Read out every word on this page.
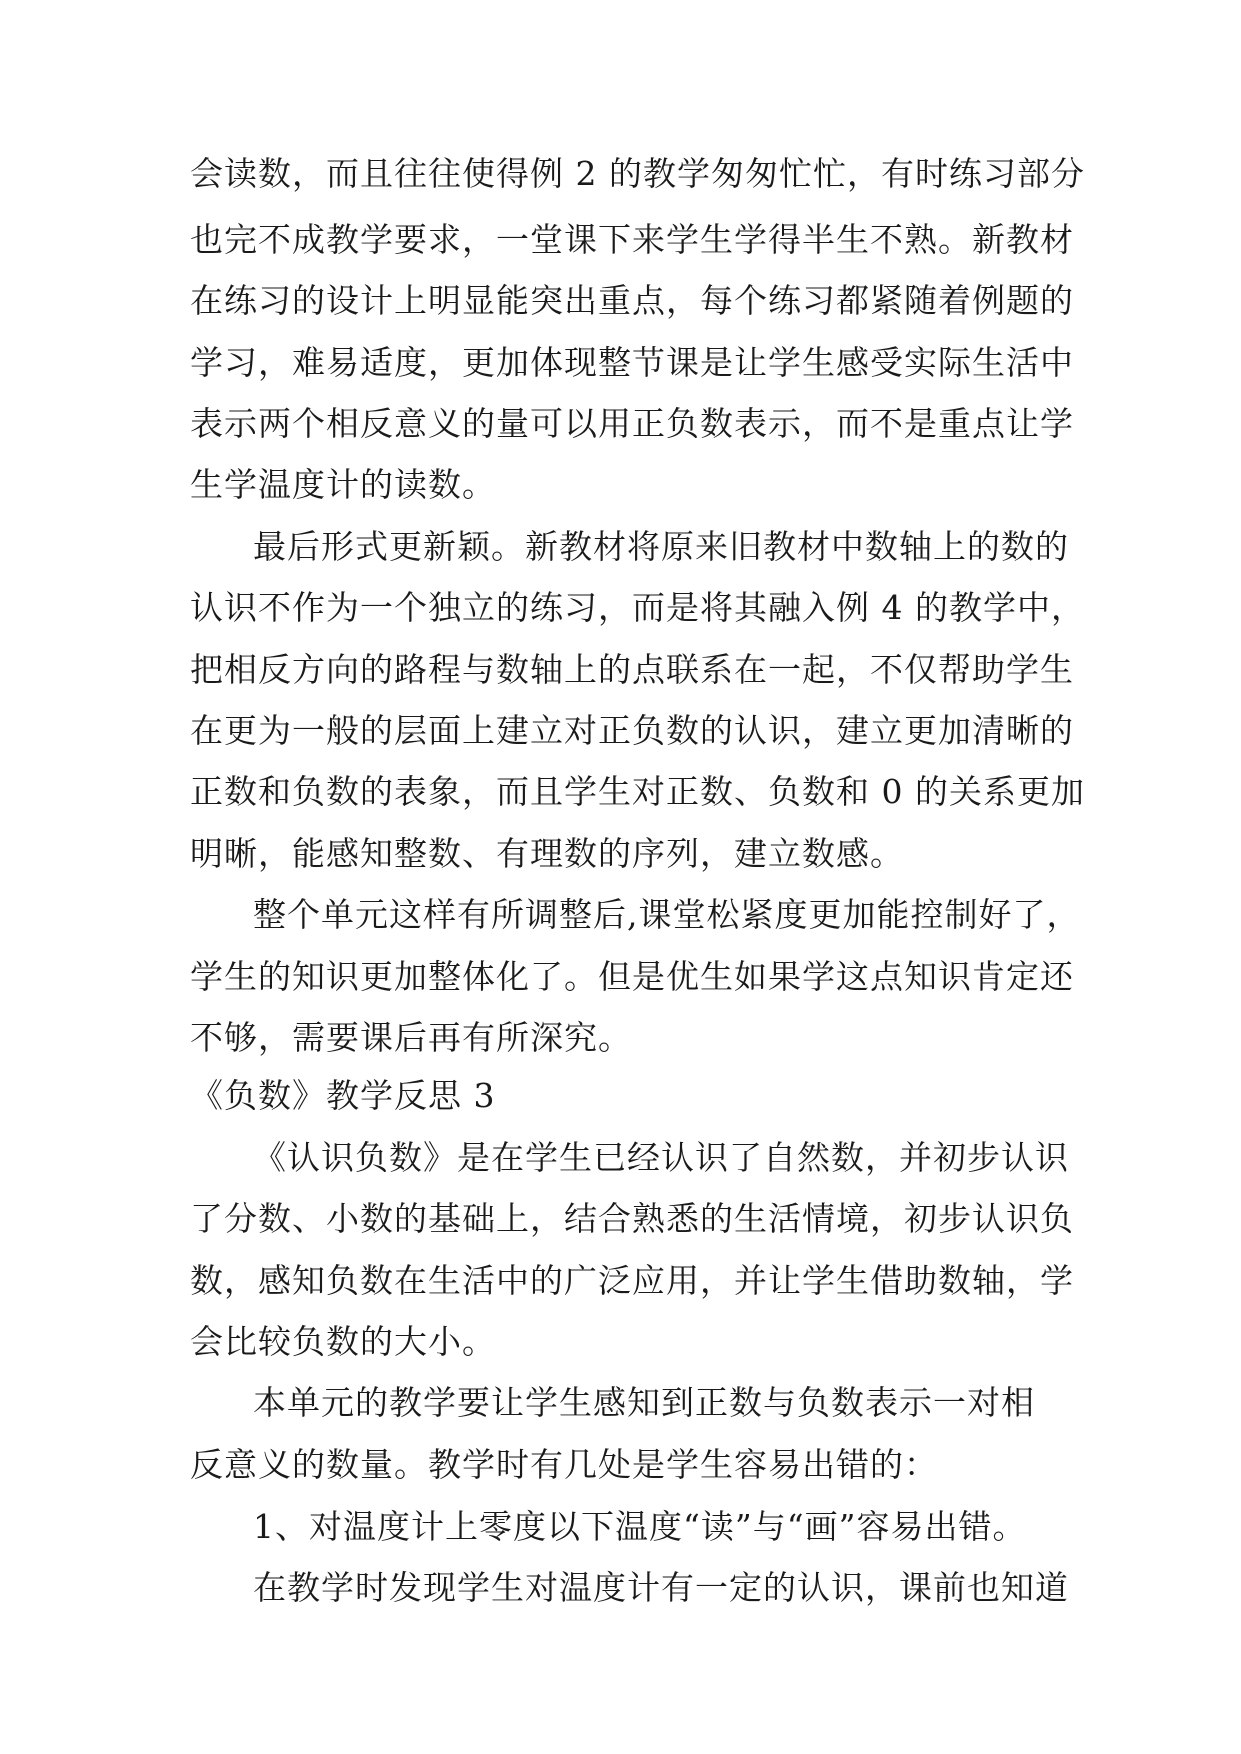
会读数，而且往往使得例 2 的教学匆匆忙忙，有时练习部分
也完不成教学要求，一堂课下来学生学得半生不熟。新教材
在练习的设计上明显能突出重点，每个练习都紧随着例题的
学习，难易适度，更加体现整节课是让学生感受实际生活中
表示两个相反意义的量可以用正负数表示，而不是重点让学
生学温度计的读数。
最后形式更新颖。新教材将原来旧教材中数轴上的数的
认识不作为一个独立的练习，而是将其融入例 4 的教学中，
把相反方向的路程与数轴上的点联系在一起，不仅帮助学生
在更为一般的层面上建立对正负数的认识，建立更加清晰的
正数和负数的表象，而且学生对正数、负数和 0 的关系更加
明晰，能感知整数、有理数的序列，建立数感。
整个单元这样有所调整后,课堂松紧度更加能控制好了，
学生的知识更加整体化了。但是优生如果学这点知识肯定还
不够，需要课后再有所深究。
《负数》教学反思 3
《认识负数》是在学生已经认识了自然数，并初步认识
了分数、小数的基础上，结合熟悉的生活情境，初步认识负
数，感知负数在生活中的广泛应用，并让学生借助数轴，学
会比较负数的大小。
本单元的教学要让学生感知到正数与负数表示一对相
反意义的数量。教学时有几处是学生容易出错的：
1、对温度计上零度以下温度“读”与“画”容易出错。
在教学时发现学生对温度计有一定的认识，课前也知道
